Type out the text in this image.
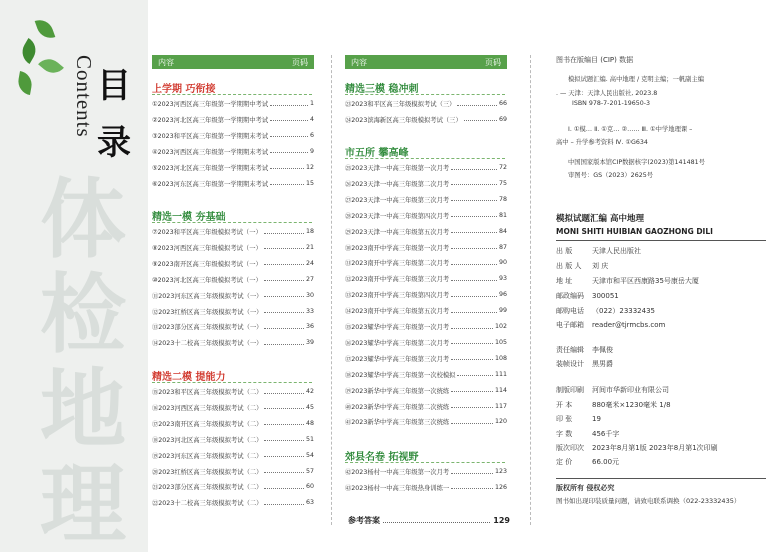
体
检
地
理
Contents 目
录
内容	页码
上学期 巧衔接
①2023河西区高三年级第一学期期中考试	1
②2023河北区高三年级第一学期期中考试	4
③2023和平区高三年级第一学期期末考试	6
④2023河西区高三年级第一学期期末考试	9
⑤2023河北区高三年级第一学期期末考试	12
⑥2023河东区高三年级第一学期期末考试	15
精选一模 夯基础
⑦2023和平区高三年级模拟考试（一）	18
⑧2023河西区高三年级模拟考试（一）	21
⑨2023南开区高三年级模拟考试（一）	24
⑩2023河北区高三年级模拟考试（一）	27
⑪2023河东区高三年级模拟考试（一）	30
⑫2023红桥区高三年级模拟考试（一）	33
⑬2023部分区高三年级模拟考试（一）	36
⑭2023十二校高三年级模拟考试（一）	39
精选二模 提能力
⑮2023和平区高三年级模拟考试（二）	42
⑯2023河西区高三年级模拟考试（二）	45
⑰2023南开区高三年级模拟考试（二）	48
⑱2023河北区高三年级模拟考试（二）	51
⑲2023河东区高三年级模拟考试（二）	54
⑳2023红桥区高三年级模拟考试（二）	57
㉑2023部分区高三年级模拟考试（二）	60
㉒2023十二校高三年级模拟考试（二）	63
内容	页码
精选三模 稳冲刺
㉓2023和平区高三年级模拟考试（三）	66
㉔2023滨海新区高三年级模拟考试（三）	69
市五所 攀高峰
㉕2023天津一中高三年级第一次月考	72
㉖2023天津一中高三年级第二次月考	75
㉗2023天津一中高三年级第三次月考	78
㉘2023天津一中高三年级第四次月考	81
㉙2023天津一中高三年级第五次月考	84
㉚2023南开中学高三年级第一次月考	87
㉛2023南开中学高三年级第二次月考	90
㉜2023南开中学高三年级第三次月考	93
㉝2023南开中学高三年级第四次月考	96
㉞2023南开中学高三年级第五次月考	99
㉟2023耀华中学高三年级第一次月考	102
㊱2023耀华中学高三年级第二次月考	105
㊲2023耀华中学高三年级第三次月考	108
㊳2023耀华中学高三年级第一次校模拟	111
㊴2023新华中学高三年级第一次统练	114
㊵2023新华中学高三年级第二次统练	117
㊶2023新华中学高三年级第三次统练	120
郊县名卷 拓视野
㊷2023杨村一中高三年级第一次月考	123
㊸2023杨村一中高三年级热身训练一	126
参考答案	129
图书在版编目 (CIP) 数据
模拟试题汇编. 高中地理 / 克明主编；一帆副主编
. — 天津：天津人民出版社, 2023.8
ISBN 978-7-201-19650-3
Ⅰ. ①模… Ⅱ. ①克… ②…… Ⅲ. ①中学地理课 –
高中 – 升学参考资料 Ⅳ. ①G634
中国国家版本馆CIP数据核字(2023)第141481号
审图号：GS（2023）2625号
模拟试题汇编 高中地理
MONI SHITI HUIBIAN GAOZHONG DILI
出 版	天津人民出版社
出 版 人 刘 庆
地 址	天津市和平区西康路35号康岳大厦
邮政编码 300051
邮购电话 （022）23332435
电子邮箱 reader@tjrmcbs.com
责任编辑 李佩俊
装帧设计 黑男爵
制版印刷 河间市华新印业有限公司
开 本	880毫米×1230毫米 1/8
印 张	19
字 数	456千字
版次印次 2023年8月第1版 2023年8月第1次印刷
定 价	66.00元
版权所有 侵权必究
图书如出现印装质量问题，请致电联系调换（022-23332435）
